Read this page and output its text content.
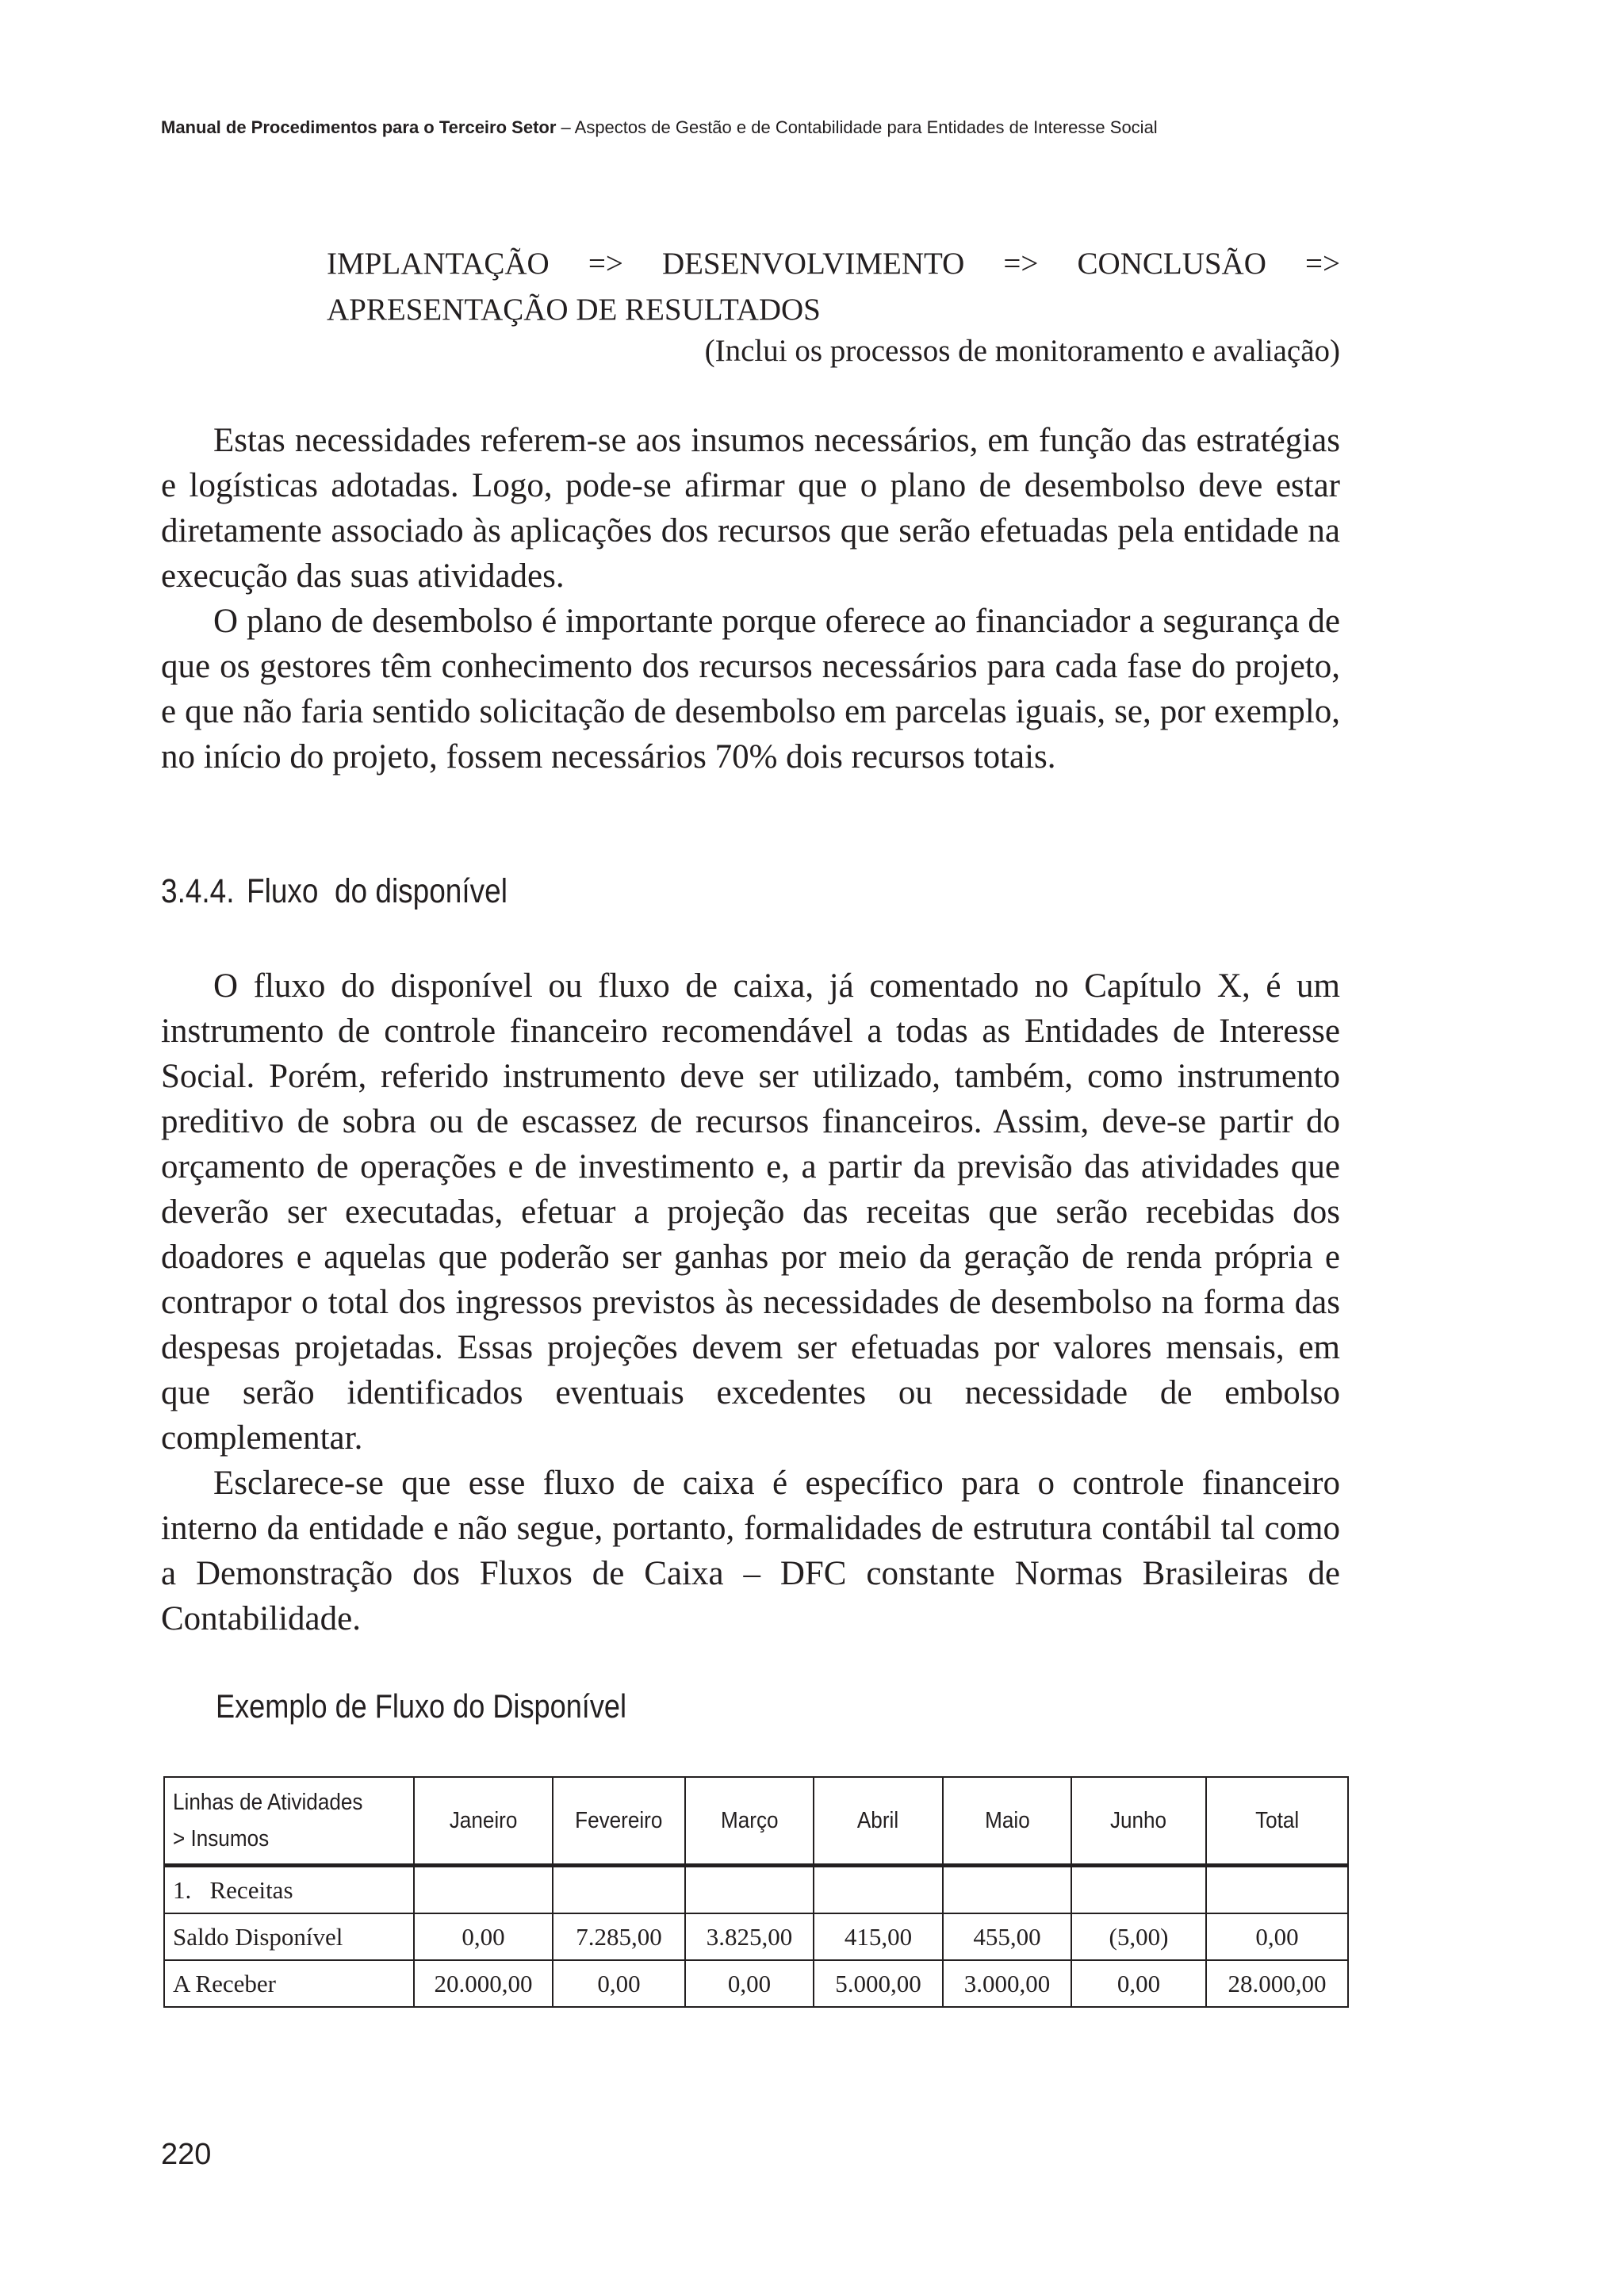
Manual de Procedimentos para o Terceiro Setor – Aspectos de Gestão e de Contabilidade para Entidades de Interesse Social
IMPLANTAÇÃO => DESENVOLVIMENTO => CONCLUSÃO => APRESENTAÇÃO DE RESULTADOS
(Inclui os processos de monitoramento e avaliação)

Estas necessidades referem-se aos insumos necessários, em função das estratégias e logísticas adotadas. Logo, pode-se afirmar que o plano de desembolso deve estar diretamente associado às aplicações dos recursos que serão efetuadas pela entidade na execução das suas atividades.

O plano de desembolso é importante porque oferece ao financiador a segurança de que os gestores têm conhecimento dos recursos necessários para cada fase do projeto, e que não faria sentido solicitação de desembolso em parcelas iguais, se, por exemplo, no início do projeto, fossem necessários 70% dois recursos totais.

3.4.4. Fluxo  do disponível

O fluxo do disponível ou fluxo de caixa, já comentado no Capítulo X, é um instrumento de controle financeiro recomendável a todas as Entidades de Interesse Social. Porém, referido instrumento deve ser utilizado, também, como instrumento preditivo de sobra ou de escassez de recursos financeiros. Assim, deve-se partir do orçamento de operações e de investimento e, a partir da previsão das atividades que deverão ser executadas, efetuar a projeção das receitas que serão recebidas dos doadores e aquelas que poderão ser ganhas por meio da geração de renda própria e contrapor o total dos ingressos previstos às necessidades de desembolso na forma das despesas projetadas. Essas projeções devem ser efetuadas por valores mensais, em que serão identificados eventuais excedentes ou necessidade de embolso complementar.

Esclarece-se que esse fluxo de caixa é específico para o controle financeiro interno da entidade e não segue, portanto, formalidades de estrutura contábil tal como a Demonstração dos Fluxos de Caixa – DFC constante Normas Brasileiras de Contabilidade.

Exemplo de Fluxo do Disponível
Linhas de Atividades
> Insumos	Janeiro	Fevereiro	Março	Abril	Maio	Junho	Total
1.   Receitas							
Saldo Disponível	0,00	7.285,00	3.825,00	415,00	455,00	(5,00)	0,00
A Receber	20.000,00	0,00	0,00	5.000,00	3.000,00	0,00	28.000,00
220
